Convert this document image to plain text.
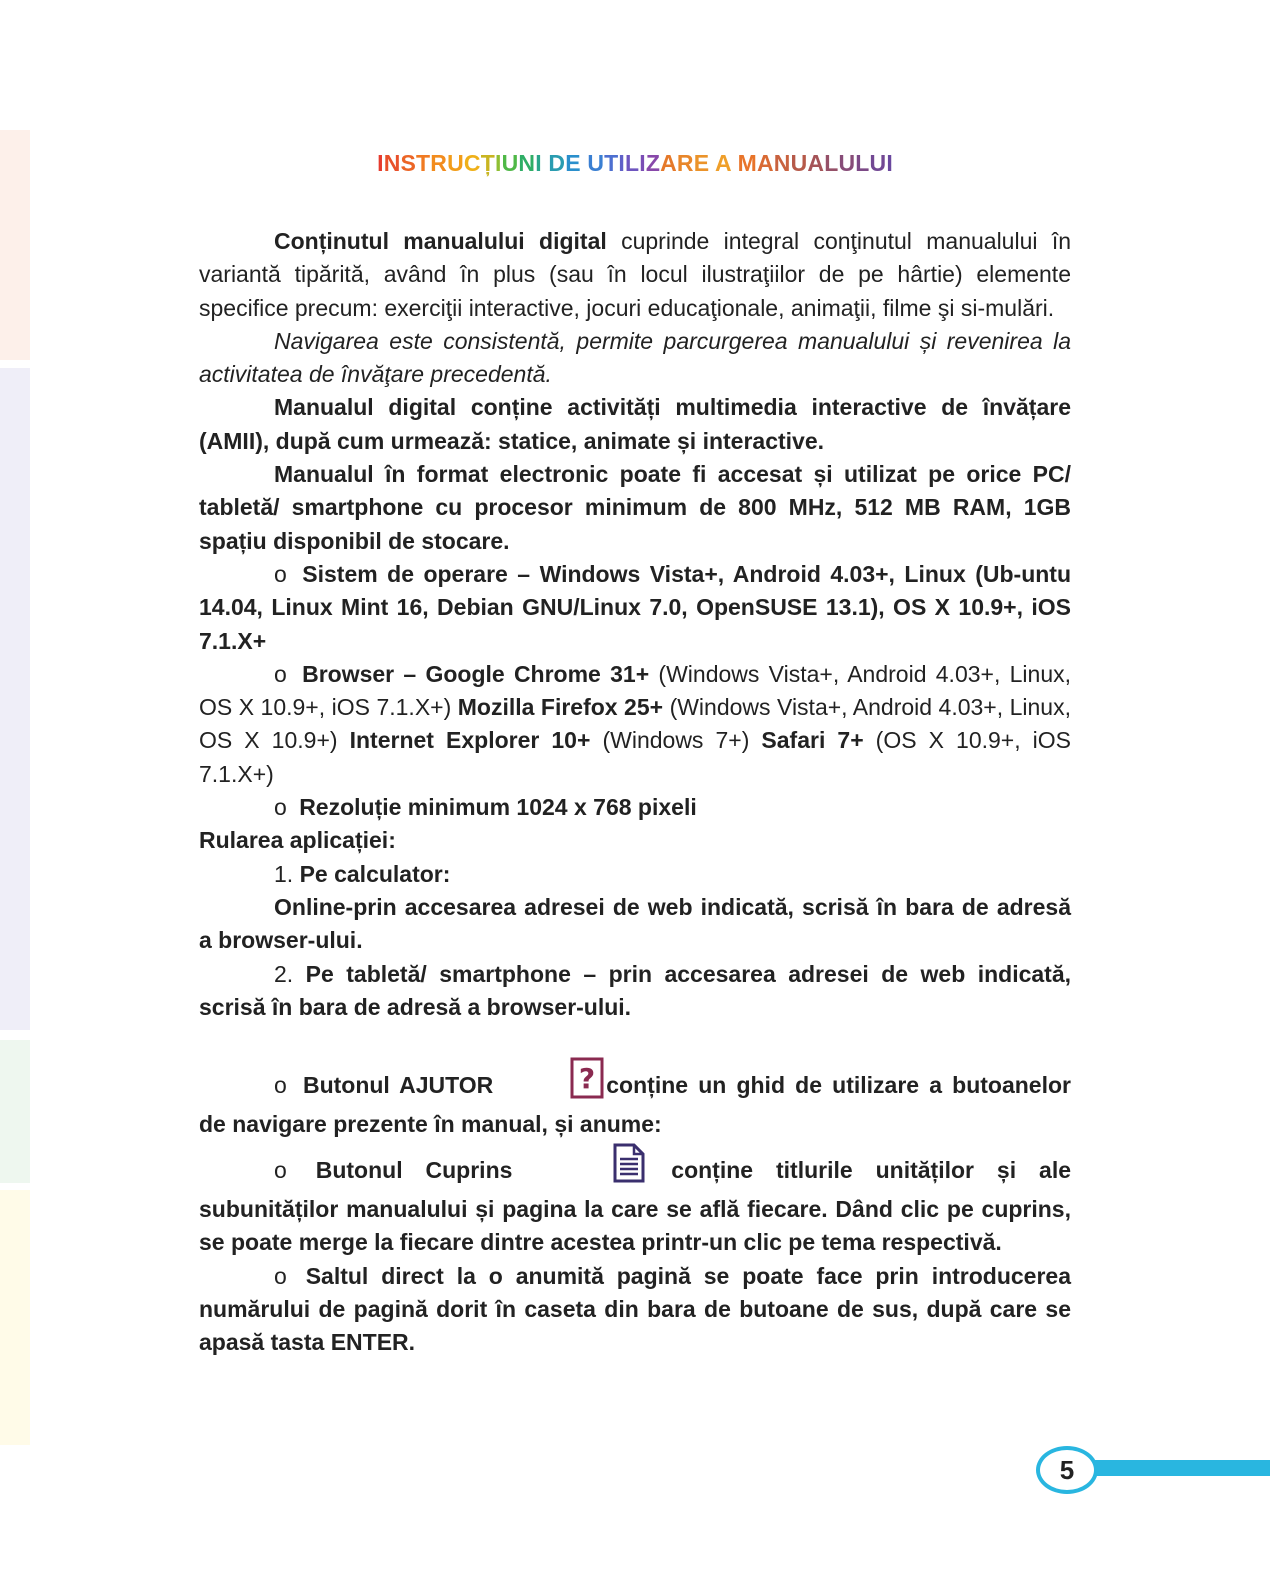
INSTRUCȚIUNI DE UTILIZARE A MANUALULUI

Conținutul manualului digital cuprinde integral conţinutul manualului în variantă tipărită, având în plus (sau în locul ilustraţiilor de pe hârtie) elemente specifice precum: exerciţii interactive, jocuri educaţionale, animaţii, filme şi si-mulări.

Navigarea este consistentă, permite parcurgerea manualului și revenirea la activitatea de învăţare precedentă.

Manualul digital conține activități multimedia interactive de învățare (AMII), după cum urmează: statice, animate și interactive.

Manualul în format electronic poate fi accesat și utilizat pe orice PC/ tabletă/ smartphone cu procesor minimum de 800 MHz, 512 MB RAM, 1GB spațiu disponibil de stocare.

o Sistem de operare – Windows Vista+, Android 4.03+, Linux (Ub-untu 14.04, Linux Mint 16, Debian GNU/Linux 7.0, OpenSUSE 13.1), OS X 10.9+, iOS 7.1.X+

o Browser – Google Chrome 31+ (Windows Vista+, Android 4.03+, Linux, OS X 10.9+, iOS 7.1.X+) Mozilla Firefox 25+ (Windows Vista+, Android 4.03+, Linux, OS X 10.9+) Internet Explorer 10+ (Windows 7+) Safari 7+ (OS X 10.9+, iOS 7.1.X+)

o Rezoluție minimum 1024 x 768 pixeli

Rularea aplicației:

1. Pe calculator:

Online-prin accesarea adresei de web indicată, scrisă în bara de adresă a browser-ului.

2. Pe tabletă/ smartphone – prin accesarea adresei de web indicată, scrisă în bara de adresă a browser-ului.

o Butonul AJUTOR	? conține un ghid de utilizare a butoanelor de navigare prezente în manual, și anume:

o Butonul Cuprins	conține titlurile unităților și ale subunităților manualului și pagina la care se află fiecare. Dând clic pe cuprins, se poate merge la fiecare dintre acestea printr-un clic pe tema respectivă.

o Saltul direct la o anumită pagină se poate face prin introducerea numărului de pagină dorit în caseta din bara de butoane de sus, după care se apasă tasta ENTER.

5
